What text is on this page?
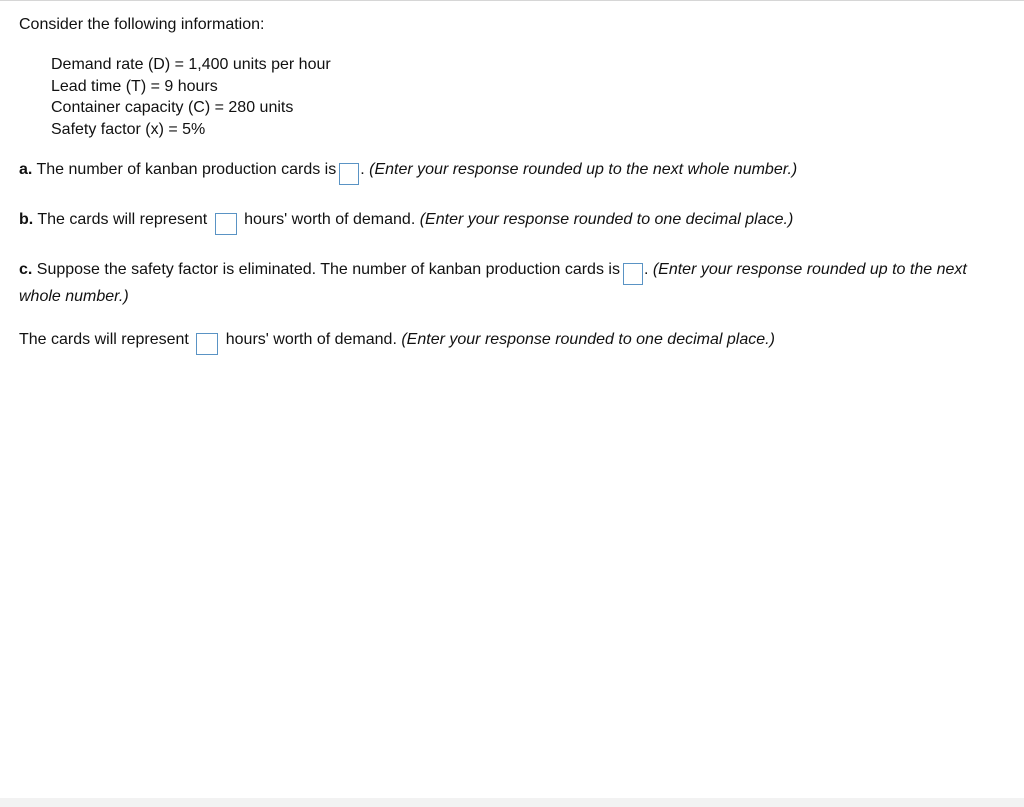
Consider the following information:

Demand rate (D) = 1,400 units per hour
Lead time (T) = 9 hours
Container capacity (C) = 280 units
Safety factor (x) = 5%

a. The number of kanban production cards is . (Enter your response rounded up to the next whole number.)

b. The cards will represent hours' worth of demand. (Enter your response rounded to one decimal place.)

c. Suppose the safety factor is eliminated. The number of kanban production cards is . (Enter your response rounded up to the next whole number.)

The cards will represent hours' worth of demand. (Enter your response rounded to one decimal place.)
